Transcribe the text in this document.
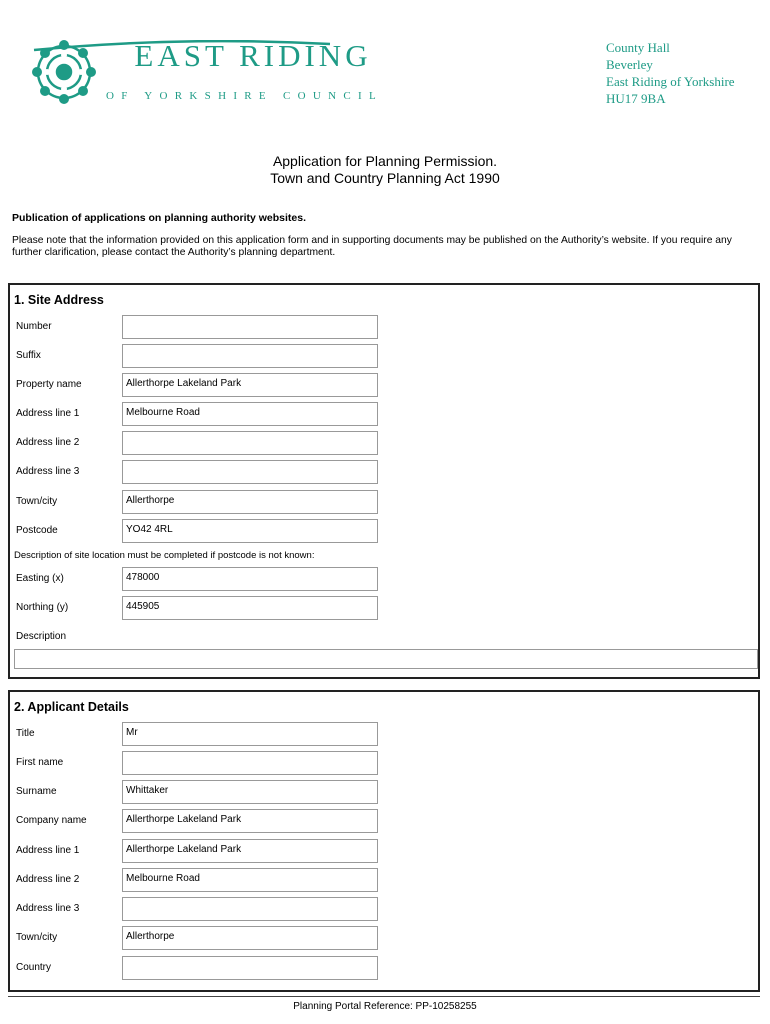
EAST RIDING
OF YORKSHIRE COUNCIL
County Hall
Beverley
East Riding of Yorkshire
HU17 9BA
Application for Planning Permission.
Town and Country Planning Act 1990
Publication of applications on planning authority websites.
Please note that the information provided on this application form and in supporting documents may be published on the Authority’s website. If you require any further clarification, please contact the Authority’s planning department.
1. Site Address
Number
Suffix
Property name	Allerthorpe Lakeland Park
Address line 1	Melbourne Road
Address line 2
Address line 3
Town/city	Allerthorpe
Postcode	YO42 4RL
Description of site location must be completed if postcode is not known:
Easting (x)	478000
Northing (y)	445905
Description
2. Applicant Details
Title	Mr
First name
Surname	Whittaker
Company name	Allerthorpe Lakeland Park
Address line 1	Allerthorpe Lakeland Park
Address line 2	Melbourne Road
Address line 3
Town/city	Allerthorpe
Country
Planning Portal Reference: PP-10258255
